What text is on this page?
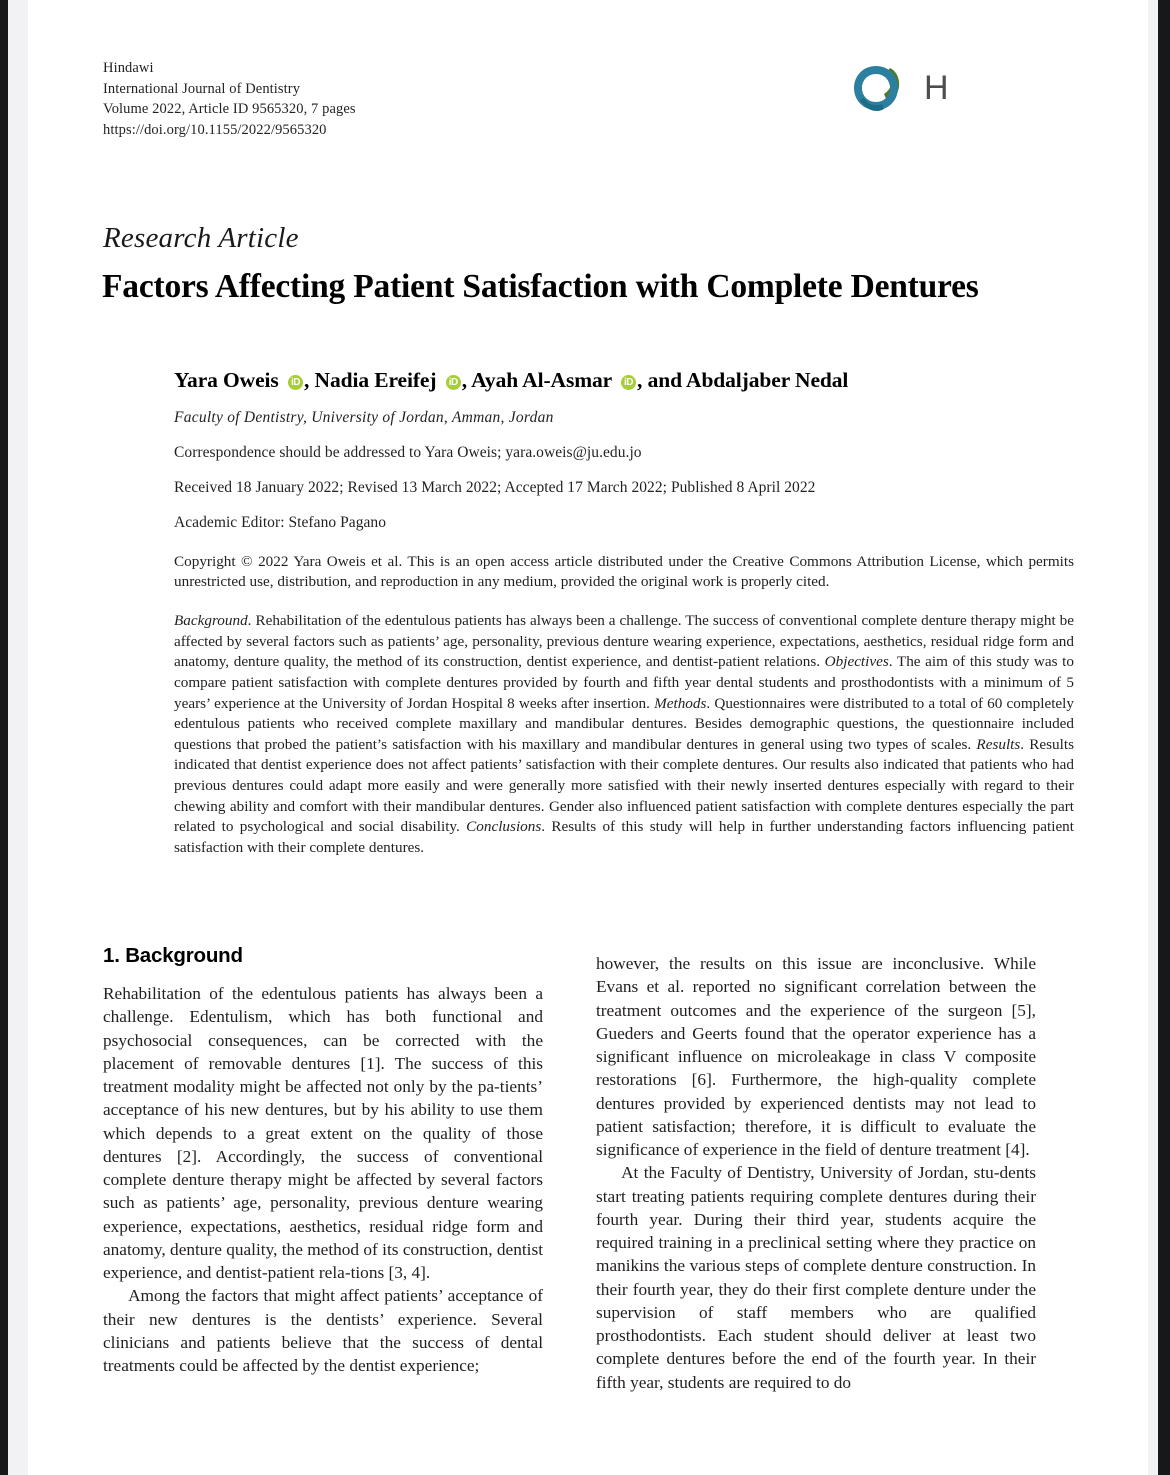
Hindawi
International Journal of Dentistry
Volume 2022, Article ID 9565320, 7 pages
https://doi.org/10.1155/2022/9565320
H
Research Article
Factors Affecting Patient Satisfaction with Complete Dentures
Yara Oweis iD , Nadia Ereifej iD , Ayah Al-Asmar iD , and Abdaljaber Nedal
Faculty of Dentistry, University of Jordan, Amman, Jordan
Correspondence should be addressed to Yara Oweis; yara.oweis@ju.edu.jo
Received 18 January 2022; Revised 13 March 2022; Accepted 17 March 2022; Published 8 April 2022
Academic Editor: Stefano Pagano
Copyright © 2022 Yara Oweis et al. This is an open access article distributed under the Creative Commons Attribution License, which permits unrestricted use, distribution, and reproduction in any medium, provided the original work is properly cited.
Background. Rehabilitation of the edentulous patients has always been a challenge. The success of conventional complete denture therapy might be affected by several factors such as patients’ age, personality, previous denture wearing experience, expectations, aesthetics, residual ridge form and anatomy, denture quality, the method of its construction, dentist experience, and dentist-patient relations. Objectives. The aim of this study was to compare patient satisfaction with complete dentures provided by fourth and fifth year dental students and prosthodontists with a minimum of 5 years’ experience at the University of Jordan Hospital 8 weeks after insertion. Methods. Questionnaires were distributed to a total of 60 completely edentulous patients who received complete maxillary and mandibular dentures. Besides demographic questions, the questionnaire included questions that probed the patient’s satisfaction with his maxillary and mandibular dentures in general using two types of scales. Results. Results indicated that dentist experience does not affect patients’ satisfaction with their complete dentures. Our results also indicated that patients who had previous dentures could adapt more easily and were generally more satisfied with their newly inserted dentures especially with regard to their chewing ability and comfort with their mandibular dentures. Gender also influenced patient satisfaction with complete dentures especially the part related to psychological and social disability. Conclusions. Results of this study will help in further understanding factors influencing patient satisfaction with their complete dentures.
1. Background

Rehabilitation of the edentulous patients has always been a challenge. Edentulism, which has both functional and psychosocial consequences, can be corrected with the placement of removable dentures [1]. The success of this treatment modality might be affected not only by the pa-tients’ acceptance of his new dentures, but by his ability to use them which depends to a great extent on the quality of those dentures [2]. Accordingly, the success of conventional complete denture therapy might be affected by several factors such as patients’ age, personality, previous denture wearing experience, expectations, aesthetics, residual ridge form and anatomy, denture quality, the method of its construction, dentist experience, and dentist-patient rela-tions [3, 4].

Among the factors that might affect patients’ acceptance of their new dentures is the dentists’ experience. Several clinicians and patients believe that the success of dental treatments could be affected by the dentist experience;

however, the results on this issue are inconclusive. While Evans et al. reported no significant correlation between the treatment outcomes and the experience of the surgeon [5], Gueders and Geerts found that the operator experience has a significant influence on microleakage in class V composite restorations [6]. Furthermore, the high-quality complete dentures provided by experienced dentists may not lead to patient satisfaction; therefore, it is difficult to evaluate the significance of experience in the field of denture treatment [4].

At the Faculty of Dentistry, University of Jordan, stu-dents start treating patients requiring complete dentures during their fourth year. During their third year, students acquire the required training in a preclinical setting where they practice on manikins the various steps of complete denture construction. In their fourth year, they do their first complete denture under the supervision of staff members who are qualified prosthodontists. Each student should deliver at least two complete dentures before the end of the fourth year. In their fifth year, students are required to do
